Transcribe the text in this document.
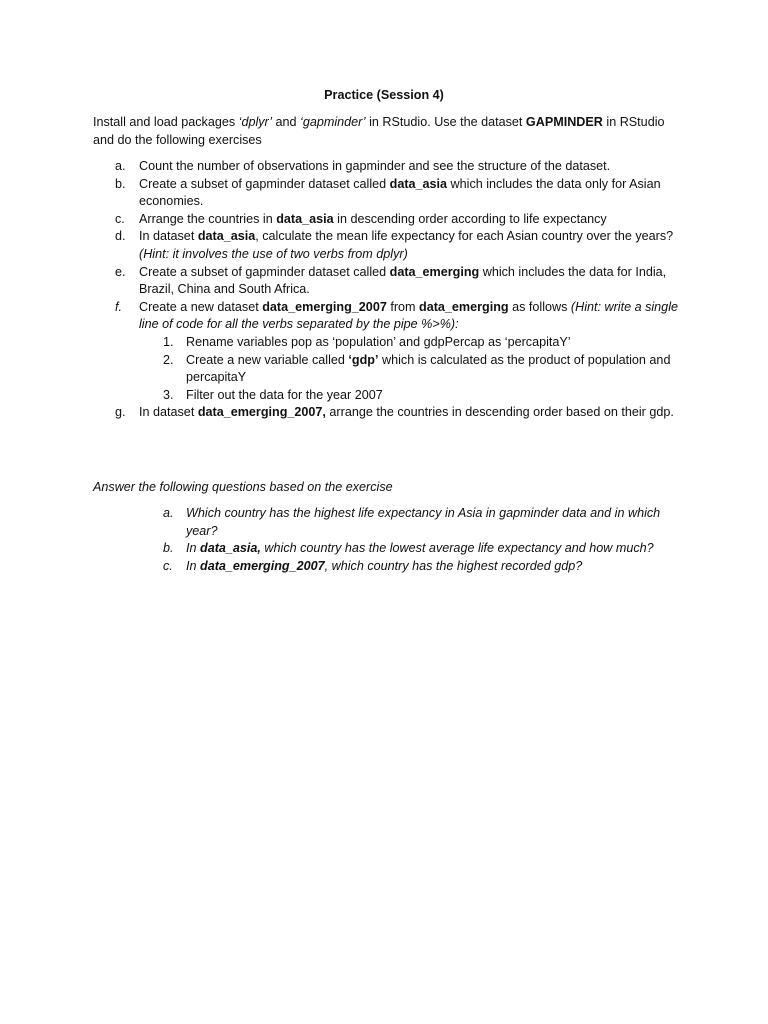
Practice (Session 4)
Install and load packages ‘dplyr’ and ‘gapminder’ in RStudio. Use the dataset GAPMINDER in RStudio and do the following exercises
a. Count the number of observations in gapminder and see the structure of the dataset.
b. Create a subset of gapminder dataset called data_asia which includes the data only for Asian economies.
c. Arrange the countries in data_asia in descending order according to life expectancy
d. In dataset data_asia, calculate the mean life expectancy for each Asian country over the years? (Hint: it involves the use of two verbs from dplyr)
e. Create a subset of gapminder dataset called data_emerging which includes the data for India, Brazil, China and South Africa.
f. Create a new dataset data_emerging_2007 from data_emerging as follows (Hint: write a single line of code for all the verbs separated by the pipe %>%):
1. Rename variables pop as ‘population’ and gdpPercap as ‘percapitaY’
2. Create a new variable called ‘gdp’ which is calculated as the product of population and percapitaY
3. Filter out the data for the year 2007
g. In dataset data_emerging_2007, arrange the countries in descending order based on their gdp.
Answer the following questions based on the exercise
a. Which country has the highest life expectancy in Asia in gapminder data and in which year?
b. In data_asia, which country has the lowest average life expectancy and how much?
c. In data_emerging_2007, which country has the highest recorded gdp?
